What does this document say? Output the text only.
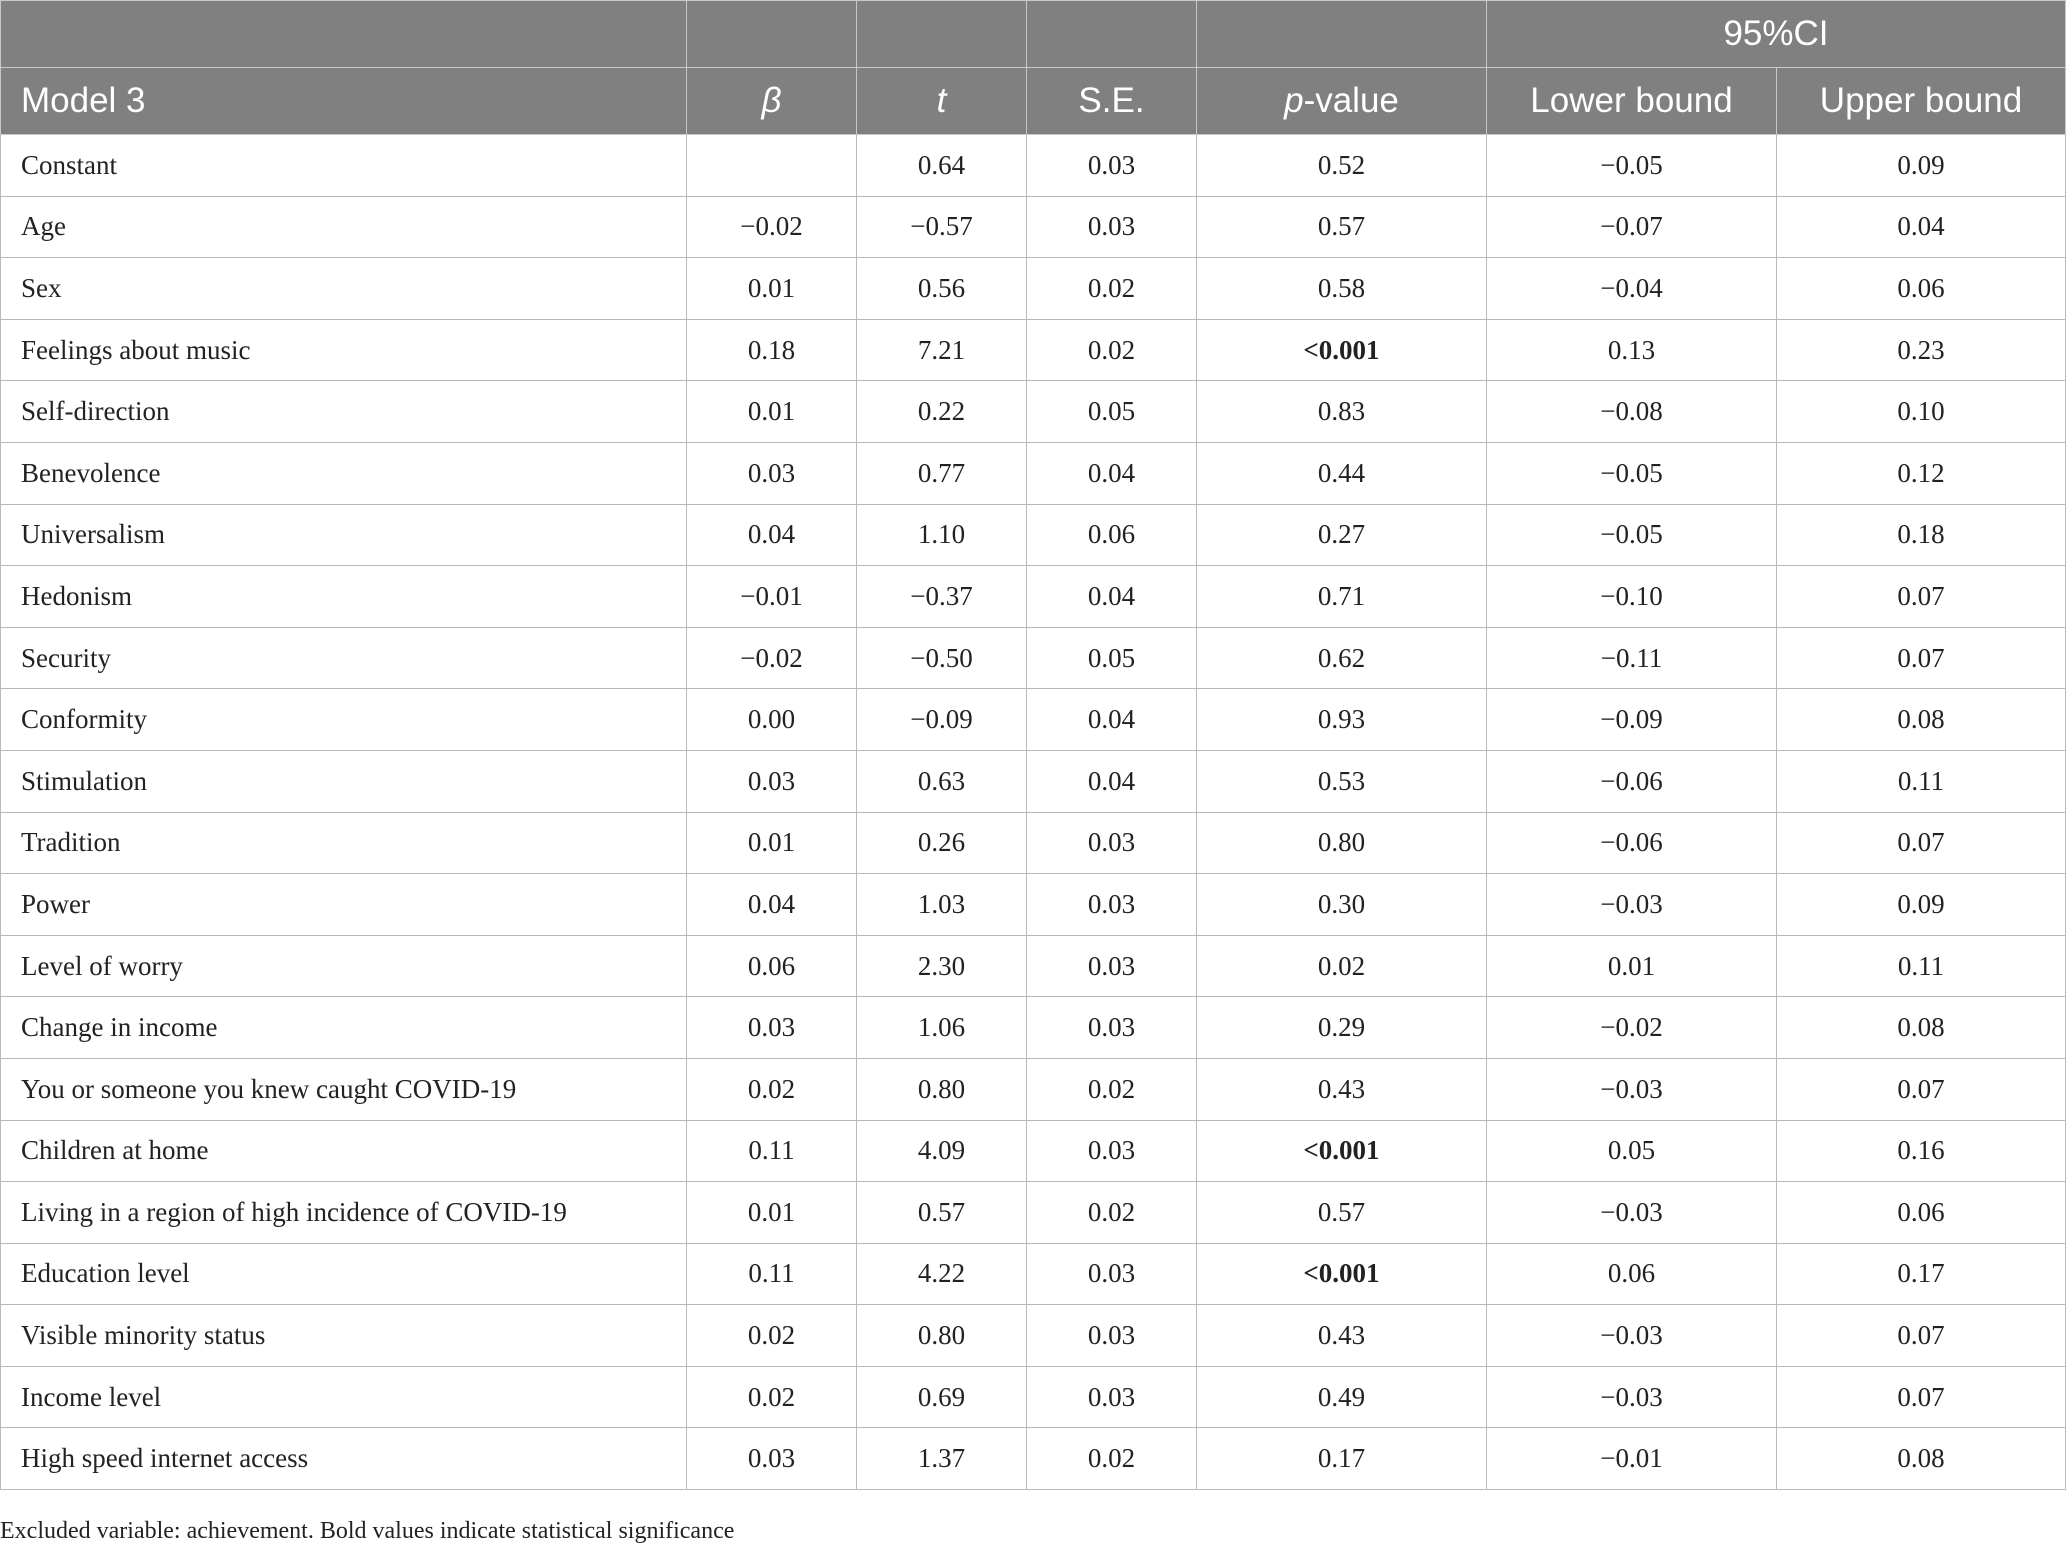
					95%CI	
Model 3	β	t	S.E.	p-value	Lower bound	Upper bound
Constant		0.64	0.03	0.52	−0.05	0.09
Age	−0.02	−0.57	0.03	0.57	−0.07	0.04
Sex	0.01	0.56	0.02	0.58	−0.04	0.06
Feelings about music	0.18	7.21	0.02	<0.001	0.13	0.23
Self-direction	0.01	0.22	0.05	0.83	−0.08	0.10
Benevolence	0.03	0.77	0.04	0.44	−0.05	0.12
Universalism	0.04	1.10	0.06	0.27	−0.05	0.18
Hedonism	−0.01	−0.37	0.04	0.71	−0.10	0.07
Security	−0.02	−0.50	0.05	0.62	−0.11	0.07
Conformity	0.00	−0.09	0.04	0.93	−0.09	0.08
Stimulation	0.03	0.63	0.04	0.53	−0.06	0.11
Tradition	0.01	0.26	0.03	0.80	−0.06	0.07
Power	0.04	1.03	0.03	0.30	−0.03	0.09
Level of worry	0.06	2.30	0.03	0.02	0.01	0.11
Change in income	0.03	1.06	0.03	0.29	−0.02	0.08
You or someone you knew caught COVID-19	0.02	0.80	0.02	0.43	−0.03	0.07
Children at home	0.11	4.09	0.03	<0.001	0.05	0.16
Living in a region of high incidence of COVID-19	0.01	0.57	0.02	0.57	−0.03	0.06
Education level	0.11	4.22	0.03	<0.001	0.06	0.17
Visible minority status	0.02	0.80	0.03	0.43	−0.03	0.07
Income level	0.02	0.69	0.03	0.49	−0.03	0.07
High speed internet access	0.03	1.37	0.02	0.17	−0.01	0.08
Excluded variable: achievement. Bold values indicate statistical significance
